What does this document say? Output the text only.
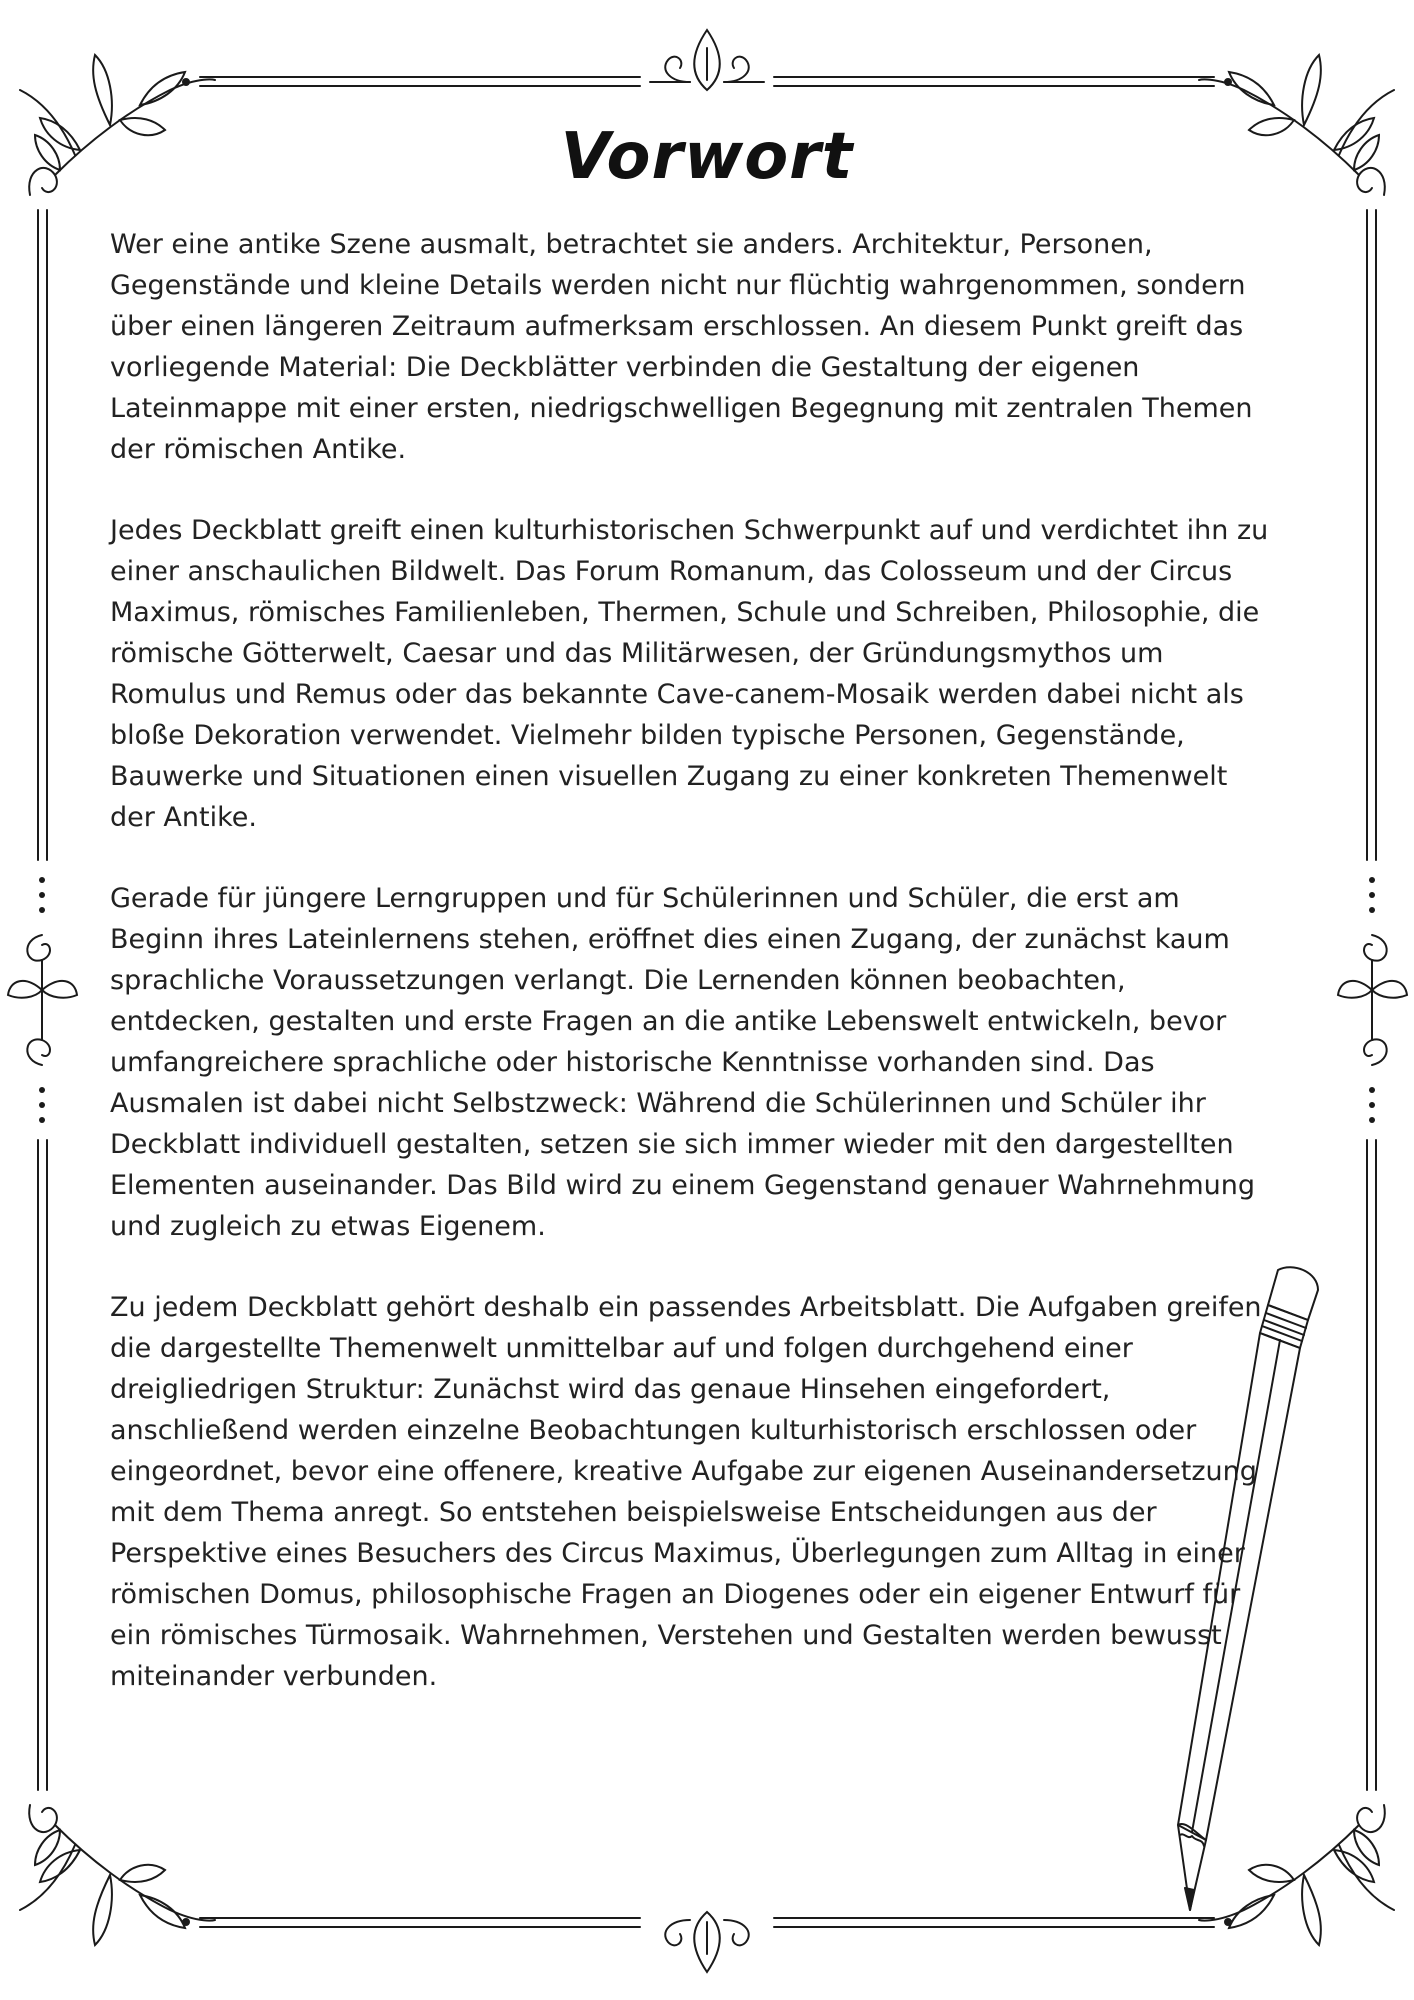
Vorwort

Wer eine antike Szene ausmalt, betrachtet sie anders. Architektur, Personen, Gegenstände und kleine Details werden nicht nur flüchtig wahrgenommen, sondern über einen längeren Zeitraum aufmerksam erschlossen. An diesem Punkt greift das vorliegende Material: Die Deckblätter verbinden die Gestaltung der eigenen Lateinmappe mit einer ersten, niedrigschwelligen Begegnung mit zentralen Themen der römischen Antike.

Jedes Deckblatt greift einen kulturhistorischen Schwerpunkt auf und verdichtet ihn zu einer anschaulichen Bildwelt. Das Forum Romanum, das Colosseum und der Circus Maximus, römisches Familienleben, Thermen, Schule und Schreiben, Philosophie, die römische Götterwelt, Caesar und das Militärwesen, der Gründungsmythos um Romulus und Remus oder das bekannte Cave-canem-Mosaik werden dabei nicht als bloße Dekoration verwendet. Vielmehr bilden typische Personen, Gegenstände, Bauwerke und Situationen einen visuellen Zugang zu einer konkreten Themenwelt der Antike.

Gerade für jüngere Lerngruppen und für Schülerinnen und Schüler, die erst am Beginn ihres Lateinlernens stehen, eröffnet dies einen Zugang, der zunächst kaum sprachliche Voraussetzungen verlangt. Die Lernenden können beobachten, entdecken, gestalten und erste Fragen an die antike Lebenswelt entwickeln, bevor umfangreichere sprachliche oder historische Kenntnisse vorhanden sind. Das Ausmalen ist dabei nicht Selbstzweck: Während die Schülerinnen und Schüler ihr Deckblatt individuell gestalten, setzen sie sich immer wieder mit den dargestellten Elementen auseinander. Das Bild wird zu einem Gegenstand genauer Wahrnehmung und zugleich zu etwas Eigenem.

Zu jedem Deckblatt gehört deshalb ein passendes Arbeitsblatt. Die Aufgaben greifen die dargestellte Themenwelt unmittelbar auf und folgen durchgehend einer dreigliedrigen Struktur: Zunächst wird das genaue Hinsehen eingefordert, anschließend werden einzelne Beobachtungen kulturhistorisch erschlossen oder eingeordnet, bevor eine offenere, kreative Aufgabe zur eigenen Auseinandersetzung mit dem Thema anregt. So entstehen beispielsweise Entscheidungen aus der Perspektive eines Besuchers des Circus Maximus, Überlegungen zum Alltag in einer römischen Domus, philosophische Fragen an Diogenes oder ein eigener Entwurf für ein römisches Türmosaik. Wahrnehmen, Verstehen und Gestalten werden bewusst miteinander verbunden.
